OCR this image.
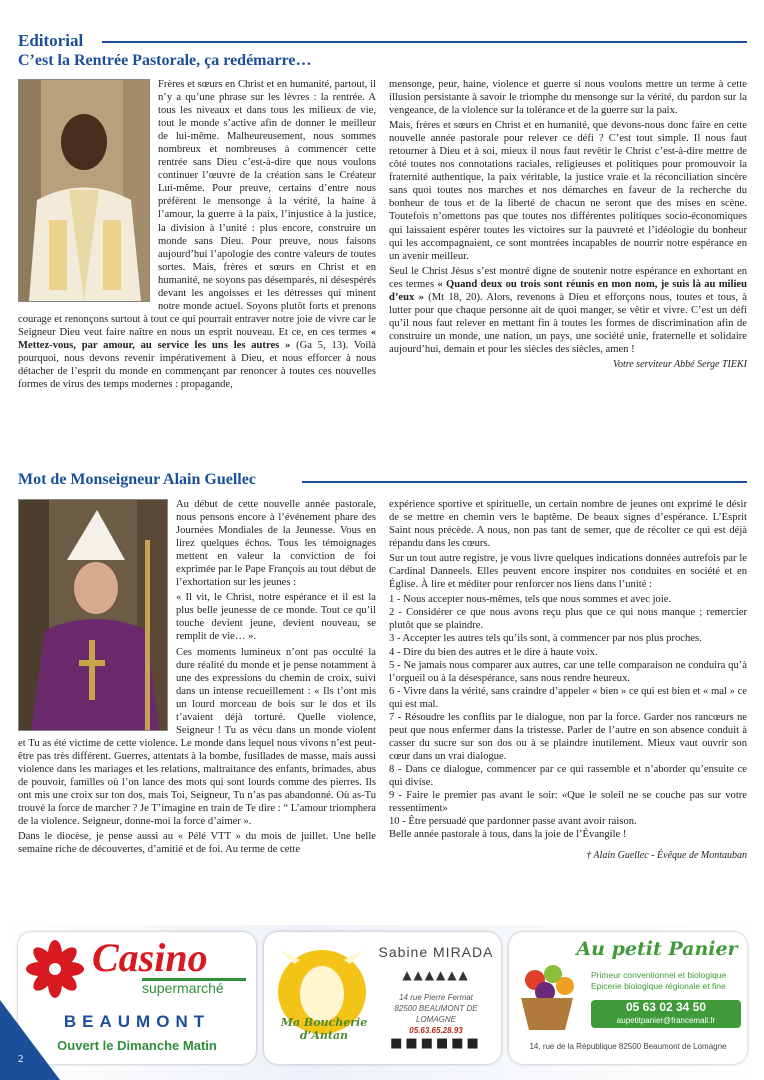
Editorial
C’est la Rentrée Pastorale, ça redémarre…

Frères et sœurs en Christ et en humanité, partout, il n’y a qu’une phrase sur les lèvres : la rentrée. A tous les niveaux et dans tous les milieux de vie, tout le monde s’active afin de donner le meilleur de lui-même. Malheureusement, nous sommes nombreux et nombreuses à commencer cette rentrée sans Dieu c’est-à-dire que nous voulons continuer l’œuvre de la création sans le Créateur Lui-même. Pour preuve, certains d’entre nous préfèrent le mensonge à la vérité, la haine à l’amour, la guerre à la paix, l’injustice à la justice, la division à l’unité : plus encore, construire un monde sans Dieu. Pour preuve, nous faisons aujourd’hui l’apologie des contre valeurs de toutes sortes. Mais, frères et sœurs en Christ et en humanité, ne soyons pas désemparés, ni désespérés devant les angoisses et les détresses qui minent notre monde actuel. Soyons plutôt forts et prenons courage et renonçons surtout à tout ce qui pourrait entraver notre joie de vivre car le Seigneur Dieu veut faire naître en nous un esprit nouveau. Et ce, en ces termes « Mettez-vous, par amour, au service les uns les autres » (Ga 5, 13). Voilà pourquoi, nous devons revenir impérativement à Dieu, et nous efforcer à nous détacher de l’esprit du monde en commençant par renoncer à toutes ces nouvelles formes de virus des temps modernes : propagande,

mensonge, peur, haine, violence et guerre si nous voulons mettre un terme à cette illusion persistante à savoir le triomphe du mensonge sur la vérité, du pardon sur la vengeance, de la violence sur la tolérance et de la guerre sur la paix.

Mais, frères et sœurs en Christ et en humanité, que devons-nous donc faire en cette nouvelle année pastorale pour relever ce défi ? C’est tout simple. Il nous faut retourner à Dieu et à soi, mieux il nous faut revêtir le Christ c’est-à-dire mettre de côté toutes nos connotations raciales, religieuses et politiques pour promouvoir la fraternité authentique, la paix véritable, la justice vraie et la réconciliation sincère sans quoi toutes nos marches et nos démarches en faveur de la recherche du bonheur de tous et de la liberté de chacun ne seront que des mises en scène. Toutefois n’omettons pas que toutes nos différentes politiques socio-économiques qui laissaient espérer toutes les victoires sur la pauvreté et l’idéologie du bonheur qui les accompagnaient, ce sont montrées incapables de nourrir notre espérance en un avenir meilleur.

Seul le Christ Jésus s’est montré digne de soutenir notre espérance en exhortant en ces termes « Quand deux ou trois sont réunis en mon nom, je suis là au milieu d’eux » (Mt 18, 20). Alors, revenons à Dieu et efforçons nous, toutes et tous, à lutter pour que chaque personne ait de quoi manger, se vêtir et vivre. C’est un défi qu’il nous faut relever en mettant fin à toutes les formes de discrimination afin de construire un monde, une nation, un pays, une société unie, fraternelle et solidaire aujourd’hui, demain et pour les siècles des siècles, amen !

Votre serviteur Abbé Serge TIEKI

Mot de Monseigneur Alain Guellec

Au début de cette nouvelle année pastorale, nous pensons encore à l’événement phare des Journées Mondiales de la Jeunesse. Vous en lirez quelques échos. Tous les témoignages mettent en valeur la conviction de foi exprimée par le Pape François au tout début de l’exhortation sur les jeunes :

« Il vit, le Christ, notre espérance et il est la plus belle jeunesse de ce monde. Tout ce qu’il touche devient jeune, devient nouveau, se remplit de vie… ».

Ces moments lumineux n’ont pas occulté la dure réalité du monde et je pense notamment à une des expressions du chemin de croix, suivi dans un intense recueillement : « Ils t’ont mis un lourd morceau de bois sur le dos et ils t’avaient déjà torturé. Quelle violence, Seigneur ! Tu as vécu dans un monde violent et Tu as été victime de cette violence. Le monde dans lequel nous vivons n’est peut-être pas très différent. Guerres, attentats à la bombe, fusillades de masse, mais aussi violence dans les mariages et les relations, maltraitance des enfants, brimades, abus de pouvoir, familles où l’on lance des mots qui sont lourds comme des pierres. Ils ont mis une croix sur ton dos, mais Toi, Seigneur, Tu n’as pas abandonné. Où as-Tu trouvé la force de marcher ? Je T’imagine en train de Te dire : “ L’amour triomphera de la violence. Seigneur, donne-moi la force d’aimer ».

Dans le diocèse, je pense aussi au « Pélé VTT » du mois de juillet. Une belle semaine riche de découvertes, d’amitié et de foi. Au terme de cette

expérience sportive et spirituelle, un certain nombre de jeunes ont exprimé le désir de se mettre en chemin vers le baptême. De beaux signes d’espérance. L’Esprit Saint nous précède. A nous, non pas tant de semer, que de récolter ce qui est déjà répandu dans les cœurs.

Sur un tout autre registre, je vous livre quelques indications données autrefois par le Cardinal Danneels. Elles peuvent encore inspirer nos conduites en société et en Église. À lire et méditer pour renforcer nos liens dans l’unité :

1 - Nous accepter nous-mêmes, tels que nous sommes et avec joie.

2 - Considérer ce que nous avons reçu plus que ce qui nous manque ; remercier plutôt que se plaindre.

3 - Accepter les autres tels qu’ils sont, à commencer par nos plus proches.

4 - Dire du bien des autres et le dire à haute voix.

5 - Ne jamais nous comparer aux autres, car une telle comparaison ne conduira qu’à l’orgueil ou à la désespérance, sans nous rendre heureux.

6 - Vivre dans la vérité, sans craindre d’appeler « bien » ce qui est bien et « mal » ce qui est mal.

7 - Résoudre les conflits par le dialogue, non par la force. Garder nos rancœurs ne peut que nous enfermer dans la tristesse. Parler de l’autre en son absence conduit à casser du sucre sur son dos ou à se plaindre inutilement. Mieux vaut ouvrir son cœur dans un vrai dialogue.

8 - Dans ce dialogue, commencer par ce qui rassemble et n’aborder qu’ensuite ce qui divise.

9 - Faire le premier pas avant le soir: «Que le soleil ne se couche pas sur votre ressentiment»

10 - Être persuadé que pardonner passe avant avoir raison.

Belle année pastorale à tous, dans la joie de l’Évangile !

† Alain Guellec - Évêque de Montauban

Casino
supermarché
BEAUMONT
Ouvert le Dimanche Matin
Ma Boucherie
d’Antan
Sabine MIRADA
▲▲▲▲▲▲
14 rue Pierre Fermat
82500 BEAUMONT DE LOMAGNE
05.63.65.28.93
■■■■■■
Au petit Panier
Primeur conventionnel et biologique
Epicerie biologique régionale et fine
05 63 02 34 50
aupetitpanier@francemail.fr
14, rue de la République 82500 Beaumont de Lomagne
2
